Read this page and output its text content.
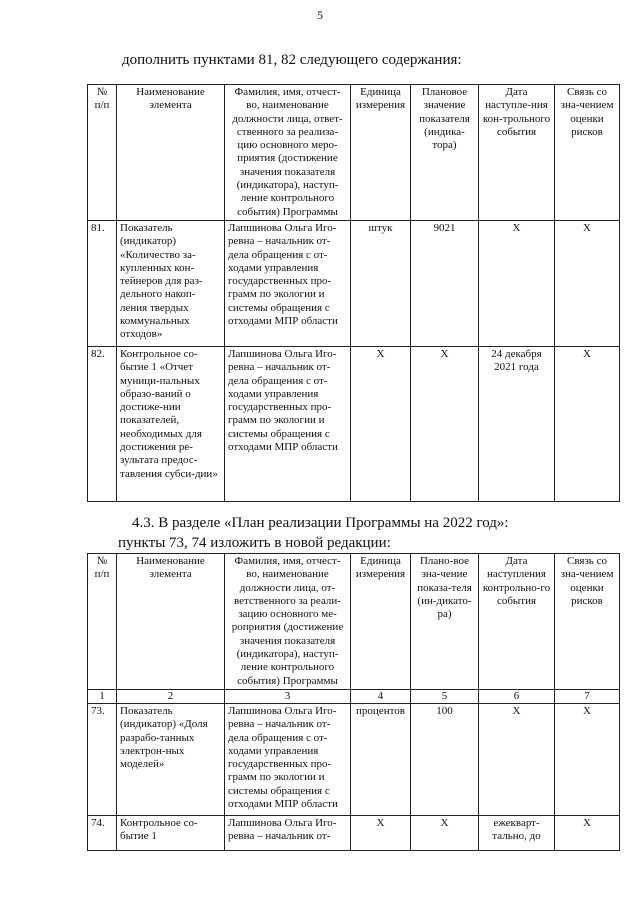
5
дополнить пунктами 81, 82 следующего содержания:
№ п/п	Наименование элемента	Фамилия, имя, отчест-во, наименование должности лица, ответ-ственного за реализа-цию основного меро-приятия (достижение значения показателя (индикатора), наступ-ление контрольного события) Программы	Единица измерения	Плановое значение показателя (индика-тора)	Дата наступле-ния кон-трольного события	Связь со зна-чением оценки рисков
81.	Показатель (индикатор) «Количество за-купленных кон-тейнеров для раз-дельного накоп-ления твердых коммунальных отходов»	Лапшинова Ольга Иго-ревна – начальник от-дела обращения с от-ходами управления государственных про-грамм по экологии и системы обращения с отходами МПР области	штук	9021	Х	Х
82.	Контрольное со-бытие 1 «Отчет муници-пальных образо-ваний о достиже-нии показателей, необходимых для достижения ре-зультата предос-тавления субси-дии»	Лапшинова Ольга Иго-ревна – начальник от-дела обращения с от-ходами управления государственных про-грамм по экологии и системы обращения с отходами МПР области	Х	Х	24 декабря 2021 года	Х
4.3. В разделе «План реализации Программы на 2022 год»:
пункты 73, 74 изложить в новой редакции:
№ п/п	Наименование элемента	Фамилия, имя, отчест-во, наименование должности лица, от-ветственного за реали-зацию основного ме-роприятия (достижение значения показателя (индикатора), наступ-ление контрольного события) Программы	Единица измерения	Плано-вое зна-чение показа-теля (ин-дикато-ра)	Дата наступления контрольно-го события	Связь со зна-чением оценки рисков
1	2	3	4	5	6	7
73.	Показатель (индикатор) «Доля разрабо-танных электрон-ных моделей»	Лапшинова Ольга Иго-ревна – начальник от-дела обращения с от-ходами управления государственных про-грамм по экологии и системы обращения с отходами МПР области	процентов	100	Х	Х
74.	Контрольное со-бытие 1	Лапшинова Ольга Иго-ревна – начальник от-	Х	Х	ежекварт-тально, до	Х
